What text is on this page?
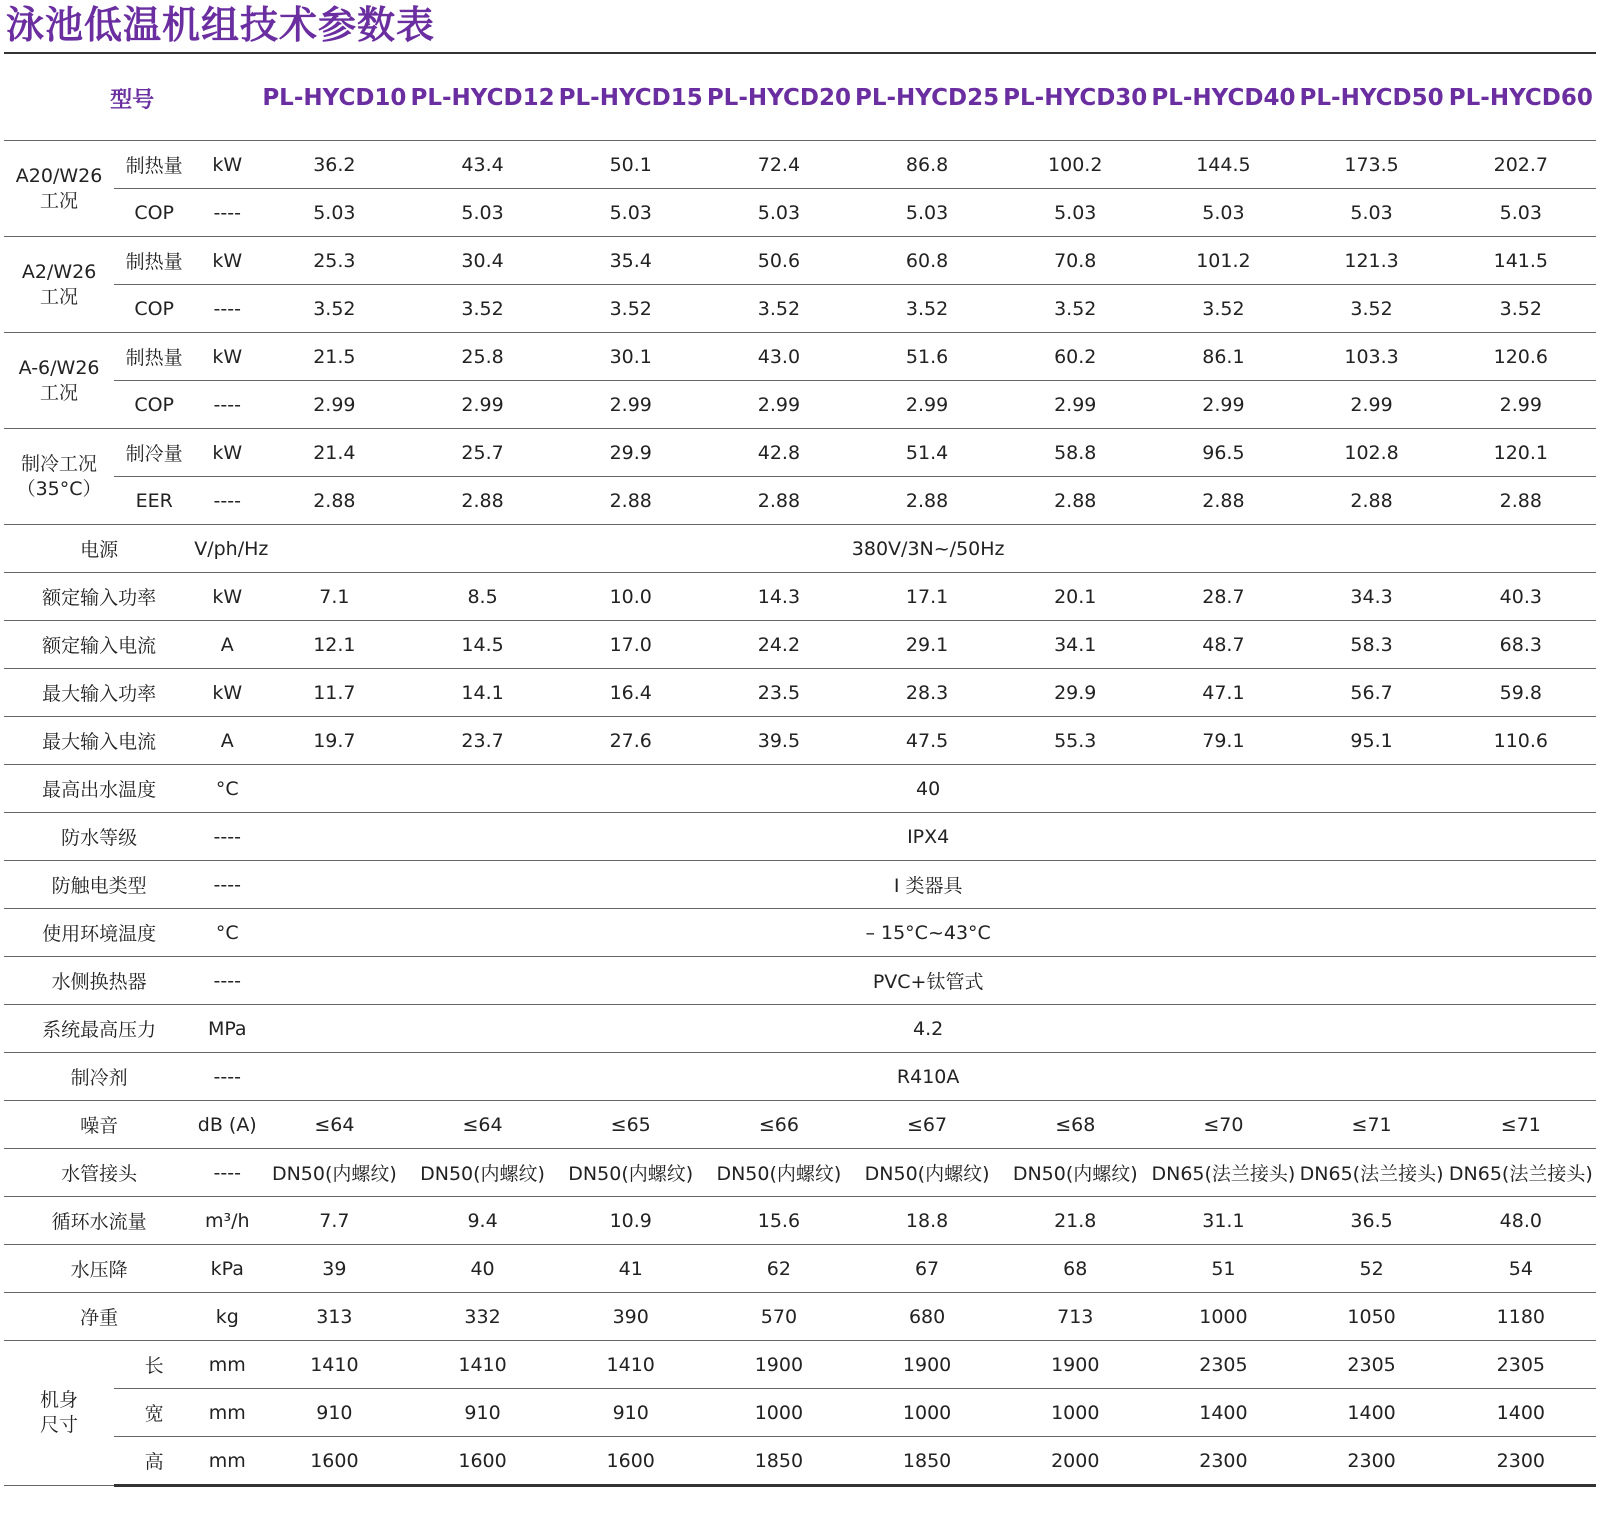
泳池低温机组技术参数表
型号			PL-HYCD10	PL-HYCD12	PL-HYCD15	PL-HYCD20	PL-HYCD25	PL-HYCD30	PL-HYCD40	PL-HYCD50	PL-HYCD60
A20/W26
工况	制热量	kW	36.2	43.4	50.1	72.4	86.8	100.2	144.5	173.5	202.7
	COP	----	5.03	5.03	5.03	5.03	5.03	5.03	5.03	5.03	5.03
A2/W26
工况	制热量	kW	25.3	30.4	35.4	50.6	60.8	70.8	101.2	121.3	141.5
	COP	----	3.52	3.52	3.52	3.52	3.52	3.52	3.52	3.52	3.52
A-6/W26
工况	制热量	kW	21.5	25.8	30.1	43.0	51.6	60.2	86.1	103.3	120.6
	COP	----	2.99	2.99	2.99	2.99	2.99	2.99	2.99	2.99	2.99
制冷工况
（35°C）	制冷量	kW	21.4	25.7	29.9	42.8	51.4	58.8	96.5	102.8	120.1
	EER	----	2.88	2.88	2.88	2.88	2.88	2.88	2.88	2.88	2.88
电源		V/ph/Hz	380V/3N~/50Hz								
额定输入功率		kW	7.1	8.5	10.0	14.3	17.1	20.1	28.7	34.3	40.3
额定输入电流		A	12.1	14.5	17.0	24.2	29.1	34.1	48.7	58.3	68.3
最大输入功率		kW	11.7	14.1	16.4	23.5	28.3	29.9	47.1	56.7	59.8
最大输入电流		A	19.7	23.7	27.6	39.5	47.5	55.3	79.1	95.1	110.6
最高出水温度		°C	40								
防水等级		----	IPX4								
防触电类型		----	I 类器具								
使用环境温度		°C	– 15°C~43°C								
水侧换热器		----	PVC+钛管式								
系统最高压力		MPa	4.2								
制冷剂		----	R410A								
噪音		dB (A)	≤64	≤64	≤65	≤66	≤67	≤68	≤70	≤71	≤71
水管接头		----	DN50(内螺纹)	DN50(内螺纹)	DN50(内螺纹)	DN50(内螺纹)	DN50(内螺纹)	DN50(内螺纹)	DN65(法兰接头)	DN65(法兰接头)	DN65(法兰接头)
循环水流量		m³/h	7.7	9.4	10.9	15.6	18.8	21.8	31.1	36.5	48.0
水压降		kPa	39	40	41	62	67	68	51	52	54
净重		kg	313	332	390	570	680	713	1000	1050	1180
机身
尺寸	长	mm	1410	1410	1410	1900	1900	1900	2305	2305	2305
	宽	mm	910	910	910	1000	1000	1000	1400	1400	1400
	高	mm	1600	1600	1600	1850	1850	2000	2300	2300	2300
